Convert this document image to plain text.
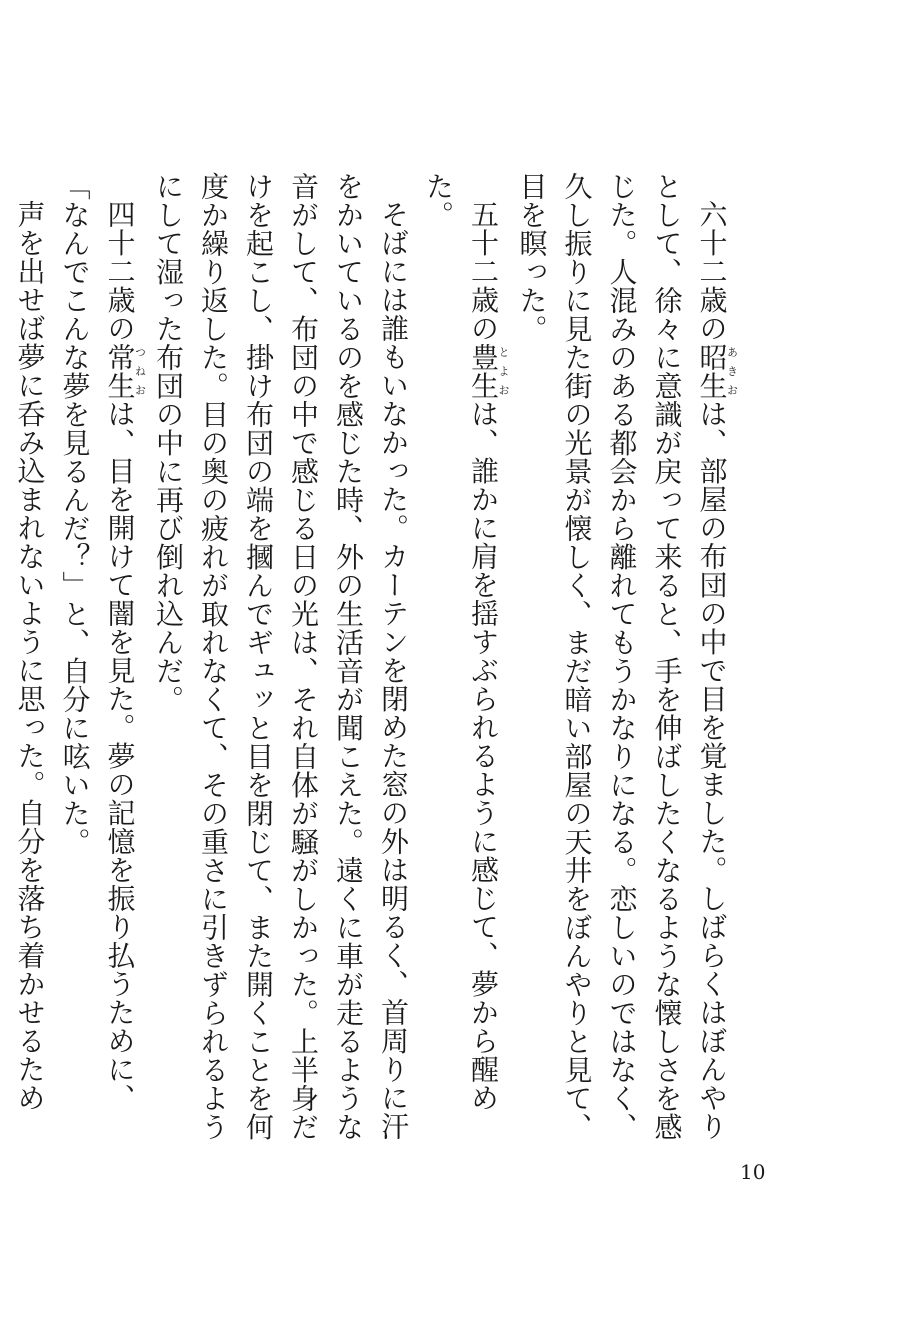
六十二歳の昭生あきおは、部屋の布団の中で目を覚ました。しばらくはぼんやりとして、徐々に意識が戻って来ると、手を伸ばしたくなるような懐しさを感じた。人混みのある都会から離れてもうかなりになる。恋しいのではなく、久し振りに見た街の光景が懐しく、まだ暗い部屋の天井をぼんやりと見て、目を瞑った。

五十二歳の豊生とよおは、誰かに肩を揺すぶられるように感じて、夢から醒めた。

そばには誰もいなかった。カーテンを閉めた窓の外は明るく、首周りに汗をかいているのを感じた時、外の生活音が聞こえた。遠くに車が走るような音がして、布団の中で感じる日の光は、それ自体が騒がしかった。上半身だけを起こし、掛け布団の端を摑んでギュッと目を閉じて、また開くことを何度か繰り返した。目の奥の疲れが取れなくて、その重さに引きずられるようにして湿った布団の中に再び倒れ込んだ。

四十二歳の常生つねおは、目を開けて闇を見た。夢の記憶を振り払うために、「なんでこんな夢を見るんだ？」と、自分に呟いた。

声を出せば夢に呑み込まれないように思った。自分を落ち着かせるため

10
